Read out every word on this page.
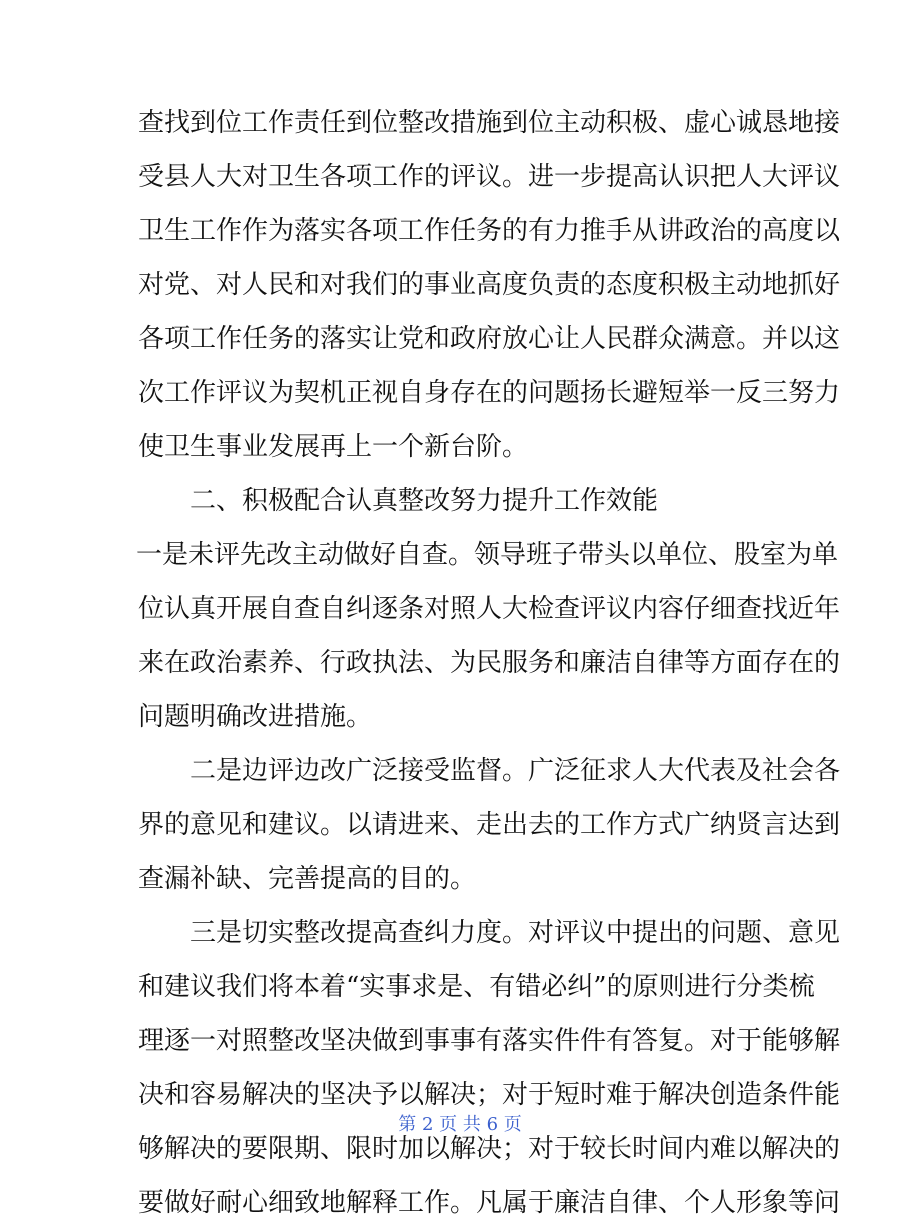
查找到位工作责任到位整改措施到位主动积极、虚心诚恳地接
受县人大对卫生各项工作的评议。进一步提高认识把人大评议
卫生工作作为落实各项工作任务的有力推手从讲政治的高度以
对党、对人民和对我们的事业高度负责的态度积极主动地抓好
各项工作任务的落实让党和政府放心让人民群众满意。并以这
次工作评议为契机正视自身存在的问题扬长避短举一反三努力
使卫生事业发展再上一个新台阶。
二、积极配合认真整改努力提升工作效能
一是未评先改主动做好自查。领导班子带头以单位、股室为单
位认真开展自查自纠逐条对照人大检查评议内容仔细查找近年
来在政治素养、行政执法、为民服务和廉洁自律等方面存在的
问题明确改进措施。
二是边评边改广泛接受监督。广泛征求人大代表及社会各
界的意见和建议。以请进来、走出去的工作方式广纳贤言达到
查漏补缺、完善提高的目的。
三是切实整改提高查纠力度。对评议中提出的问题、意见
和建议我们将本着“实事求是、有错必纠”的原则进行分类梳
理逐一对照整改坚决做到事事有落实件件有答复。对于能够解
决和容易解决的坚决予以解决；对于短时难于解决创造条件能
够解决的要限期、限时加以解决；对于较长时间内难以解决的
要做好耐心细致地解释工作。凡属于廉洁自律、个人形象等问
第 2 页 共 6 页
